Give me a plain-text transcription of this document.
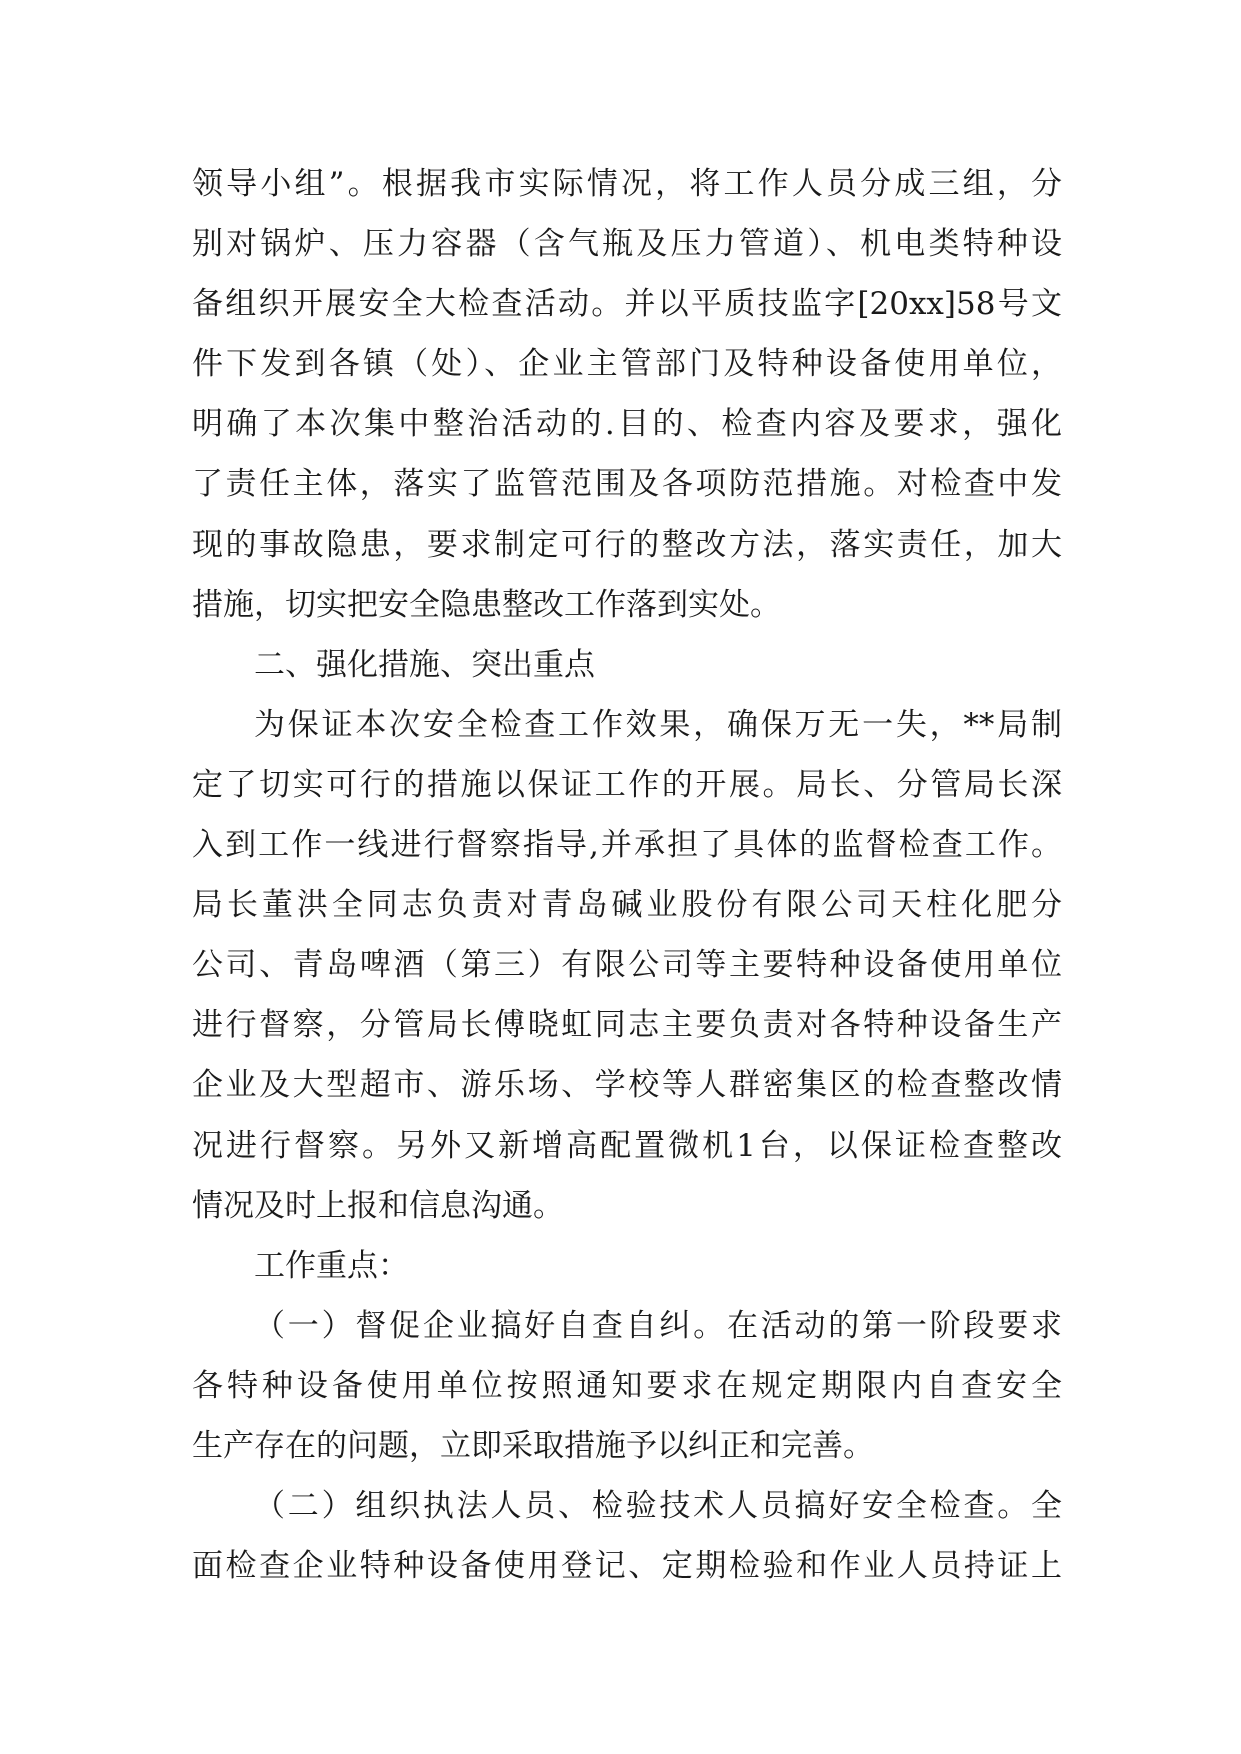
领导小组”。根据我市实际情况，将工作人员分成三组，分
别对锅炉、压力容器（含气瓶及压力管道）、机电类特种设
备组织开展安全大检查活动。并以平质技监字[20xx]58号文
件下发到各镇（处）、企业主管部门及特种设备使用单位，
明确了本次集中整治活动的.目的、检查内容及要求，强化
了责任主体，落实了监管范围及各项防范措施。对检查中发
现的事故隐患，要求制定可行的整改方法，落实责任，加大
措施，切实把安全隐患整改工作落到实处。
二、强化措施、突出重点
为保证本次安全检查工作效果，确保万无一失，**局制
定了切实可行的措施以保证工作的开展。局长、分管局长深
入到工作一线进行督察指导,并承担了具体的监督检查工作。
局长董洪全同志负责对青岛碱业股份有限公司天柱化肥分
公司、青岛啤酒（第三）有限公司等主要特种设备使用单位
进行督察，分管局长傅晓虹同志主要负责对各特种设备生产
企业及大型超市、游乐场、学校等人群密集区的检查整改情
况进行督察。另外又新增高配置微机1台，以保证检查整改
情况及时上报和信息沟通。
工作重点：
（一）督促企业搞好自查自纠。在活动的第一阶段要求
各特种设备使用单位按照通知要求在规定期限内自查安全
生产存在的问题，立即采取措施予以纠正和完善。
（二）组织执法人员、检验技术人员搞好安全检查。全
面检查企业特种设备使用登记、定期检验和作业人员持证上
